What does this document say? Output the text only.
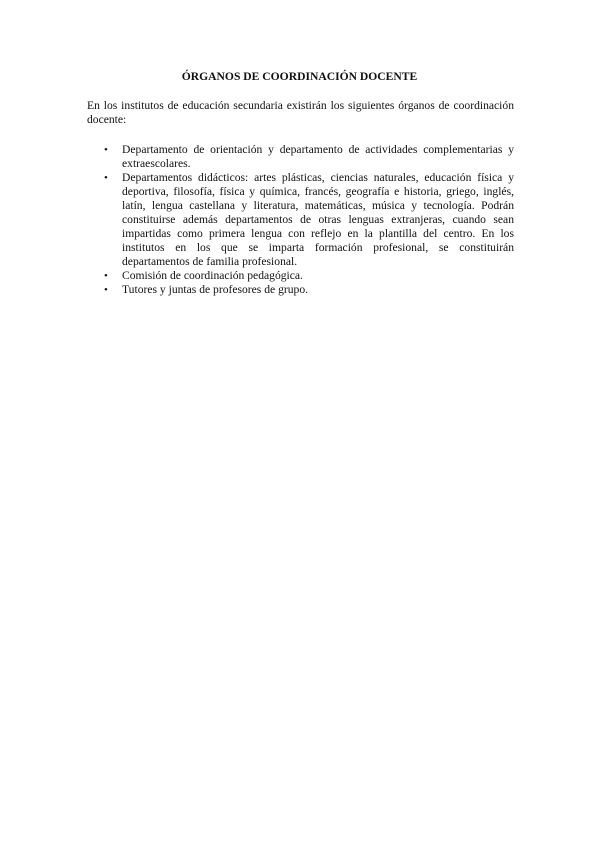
ÓRGANOS DE COORDINACIÓN DOCENTE

En los institutos de educación secundaria existirán los siguientes órganos de coordinación docente:

• Departamento de orientación y departamento de actividades complementarias y extraescolares.
• Departamentos didácticos: artes plásticas, ciencias naturales, educación física y deportiva, filosofía, física y química, francés, geografía e historia, griego, inglés, latín, lengua castellana y literatura, matemáticas, música y tecnología. Podrán constituirse además departamentos de otras lenguas extranjeras, cuando sean impartidas como primera lengua con reflejo en la plantilla del centro. En los institutos en los que se imparta formación profesional, se constituirán departamentos de familia profesional.
• Comisión de coordinación pedagógica.
• Tutores y juntas de profesores de grupo.
